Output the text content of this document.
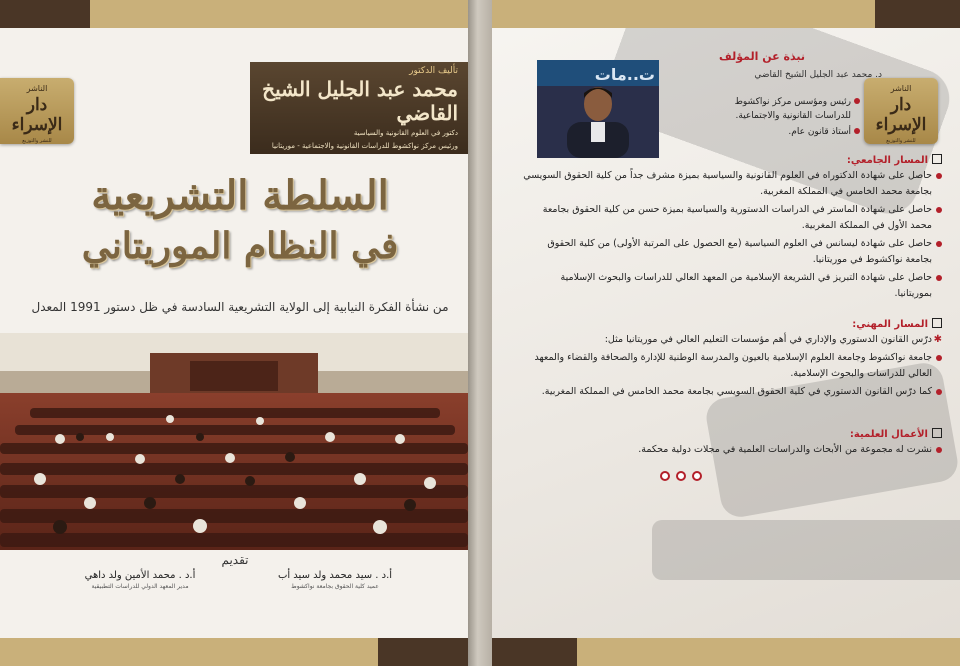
الناشر
دار الإسراء
للنشر والتوزيع
تأليف الدكتور
محمد عبد الجليل الشيخ القاضي
دكتور في العلوم القانونية والسياسية
ورئيس مركز نواكشوط للدراسات القانونية والاجتماعية - موريتانيا
السلطة التشريعية
في النظام الموريتاني
من نشأة الفكرة النيابية إلى الولاية التشريعية السادسة في ظل دستور 1991 المعدل
تقديم
أ.د . سيد محمد ولد سيد أب
عميد كلية الحقوق بجامعة نواكشوط
أ.د . محمد الأمين ولد داهي
مدير المعهد الدولي للدراسات التطبيقية
الناشر
دار الإسراء
للنشر والتوزيع
ت..مات
نبذة عن المؤلف
د. محمد عبد الجليل الشيخ القاضي
رئيس ومؤسس مركز نواكشوط للدراسات القانونية والاجتماعية.
أستاذ قانون عام.
المسار الجامعي:
حاصل على شهادة الدكتوراه في العلوم القانونية والسياسية بميزة مشرف جداً من كلية الحقوق السويسي بجامعة محمد الخامس في المملكة المغربية.
حاصل على شهادة الماستر في الدراسات الدستورية والسياسية بميزة حسن من كلية الحقوق بجامعة محمد الأول في المملكة المغربية.
حاصل على شهادة ليسانس في العلوم السياسية (مع الحصول على المرتبة الأولى) من كلية الحقوق بجامعة نواكشوط في موريتانيا.
حاصل على شهادة التبريز في الشريعة الإسلامية من المعهد العالي للدراسات والبحوث الإسلامية بموريتانيا.
المسار المهني:
✱
درّس القانون الدستوري والإداري في أهم مؤسسات التعليم العالي في موريتانيا مثل:
جامعة نواكشوط وجامعة العلوم الإسلامية بالعيون والمدرسة الوطنية للإدارة والصحافة والقضاء والمعهد العالي للدراسات والبحوث الإسلامية.
كما درّس القانون الدستوري في كلية الحقوق السويسي بجامعة محمد الخامس في المملكة المغربية.
الأعمال العلمية:
نشرت له مجموعة من الأبحاث والدراسات العلمية في مجلات دولية محكمة.
